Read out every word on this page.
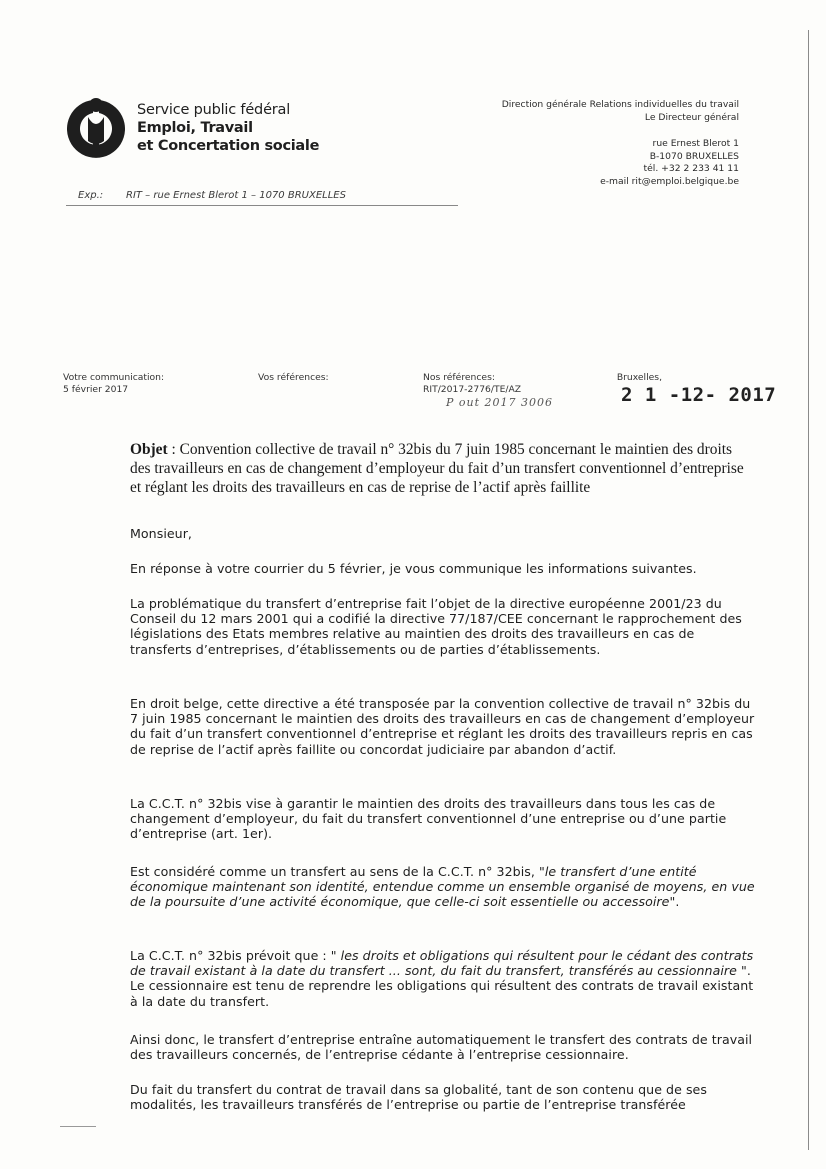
Service public fédéral
Emploi, Travail
et Concertation sociale
Direction générale Relations individuelles du travail
Le Directeur général
rue Ernest Blerot 1
B-1070 BRUXELLES
tél. +32 2 233 41 11
e-mail rit@emploi.belgique.be
Exp.: RIT – rue Ernest Blerot 1 – 1070 BRUXELLES
Votre communication:
5 février 2017
Vos références:	Nos références:
RIT/2017-2776/TE/AZ
P out 2017 3006
Bruxelles,
2 1 -12- 2017
Objet : Convention collective de travail n° 32bis du 7 juin 1985 concernant le maintien des droits des travailleurs en cas de changement d’employeur du fait d’un transfert conventionnel d’entreprise et réglant les droits des travailleurs en cas de reprise de l’actif après faillite
Monsieur,
En réponse à votre courrier du 5 février, je vous communique les informations suivantes.
La problématique du transfert d’entreprise fait l’objet de la directive européenne 2001/23 du Conseil du 12 mars 2001 qui a codifié la directive 77/187/CEE concernant le rapprochement des législations des Etats membres relative au maintien des droits des travailleurs en cas de transferts d’entreprises, d’établissements ou de parties d’établissements.
En droit belge, cette directive a été transposée par la convention collective de travail n° 32bis du 7 juin 1985 concernant le maintien des droits des travailleurs en cas de changement d’employeur du fait d’un transfert conventionnel d’entreprise et réglant les droits des travailleurs repris en cas de reprise de l’actif après faillite ou concordat judiciaire par abandon d’actif.
La C.C.T. n° 32bis vise à garantir le maintien des droits des travailleurs dans tous les cas de changement d’employeur, du fait du transfert conventionnel d’une entreprise ou d’une partie d’entreprise (art. 1er).
Est considéré comme un transfert au sens de la C.C.T. n° 32bis, "le transfert d’une entité économique maintenant son identité, entendue comme un ensemble organisé de moyens, en vue de la poursuite d’une activité économique, que celle-ci soit essentielle ou accessoire".
La C.C.T. n° 32bis prévoit que : " les droits et obligations qui résultent pour le cédant des contrats de travail existant à la date du transfert ... sont, du fait du transfert, transférés au cessionnaire ". Le cessionnaire est tenu de reprendre les obligations qui résultent des contrats de travail existant à la date du transfert.
Ainsi donc, le transfert d’entreprise entraîne automatiquement le transfert des contrats de travail des travailleurs concernés, de l’entreprise cédante à l’entreprise cessionnaire.
Du fait du transfert du contrat de travail dans sa globalité, tant de son contenu que de ses modalités, les travailleurs transférés de l’entreprise ou partie de l’entreprise transférée
